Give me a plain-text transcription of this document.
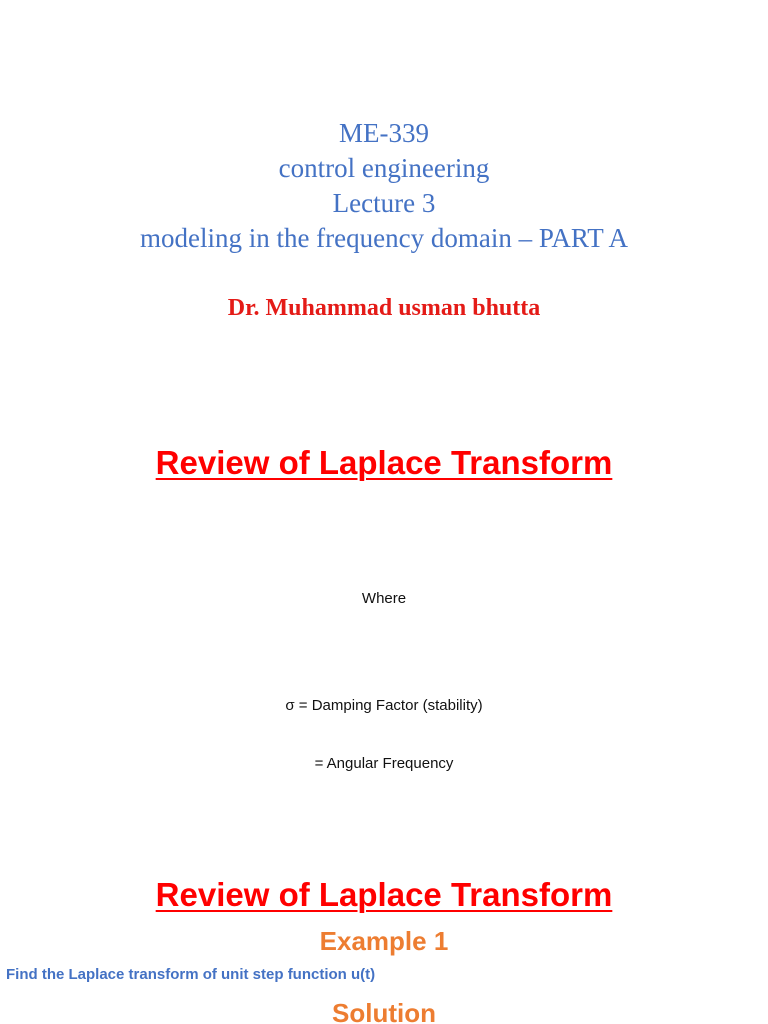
ME-339
control engineering
Lecture 3
modeling in the frequency domain – PART A
Dr. Muhammad usman bhutta
Review of Laplace Transform
Where
σ = Damping Factor (stability)
= Angular Frequency
Review of Laplace Transform
Example 1
Find the Laplace transform of unit step function u(t)
Solution
